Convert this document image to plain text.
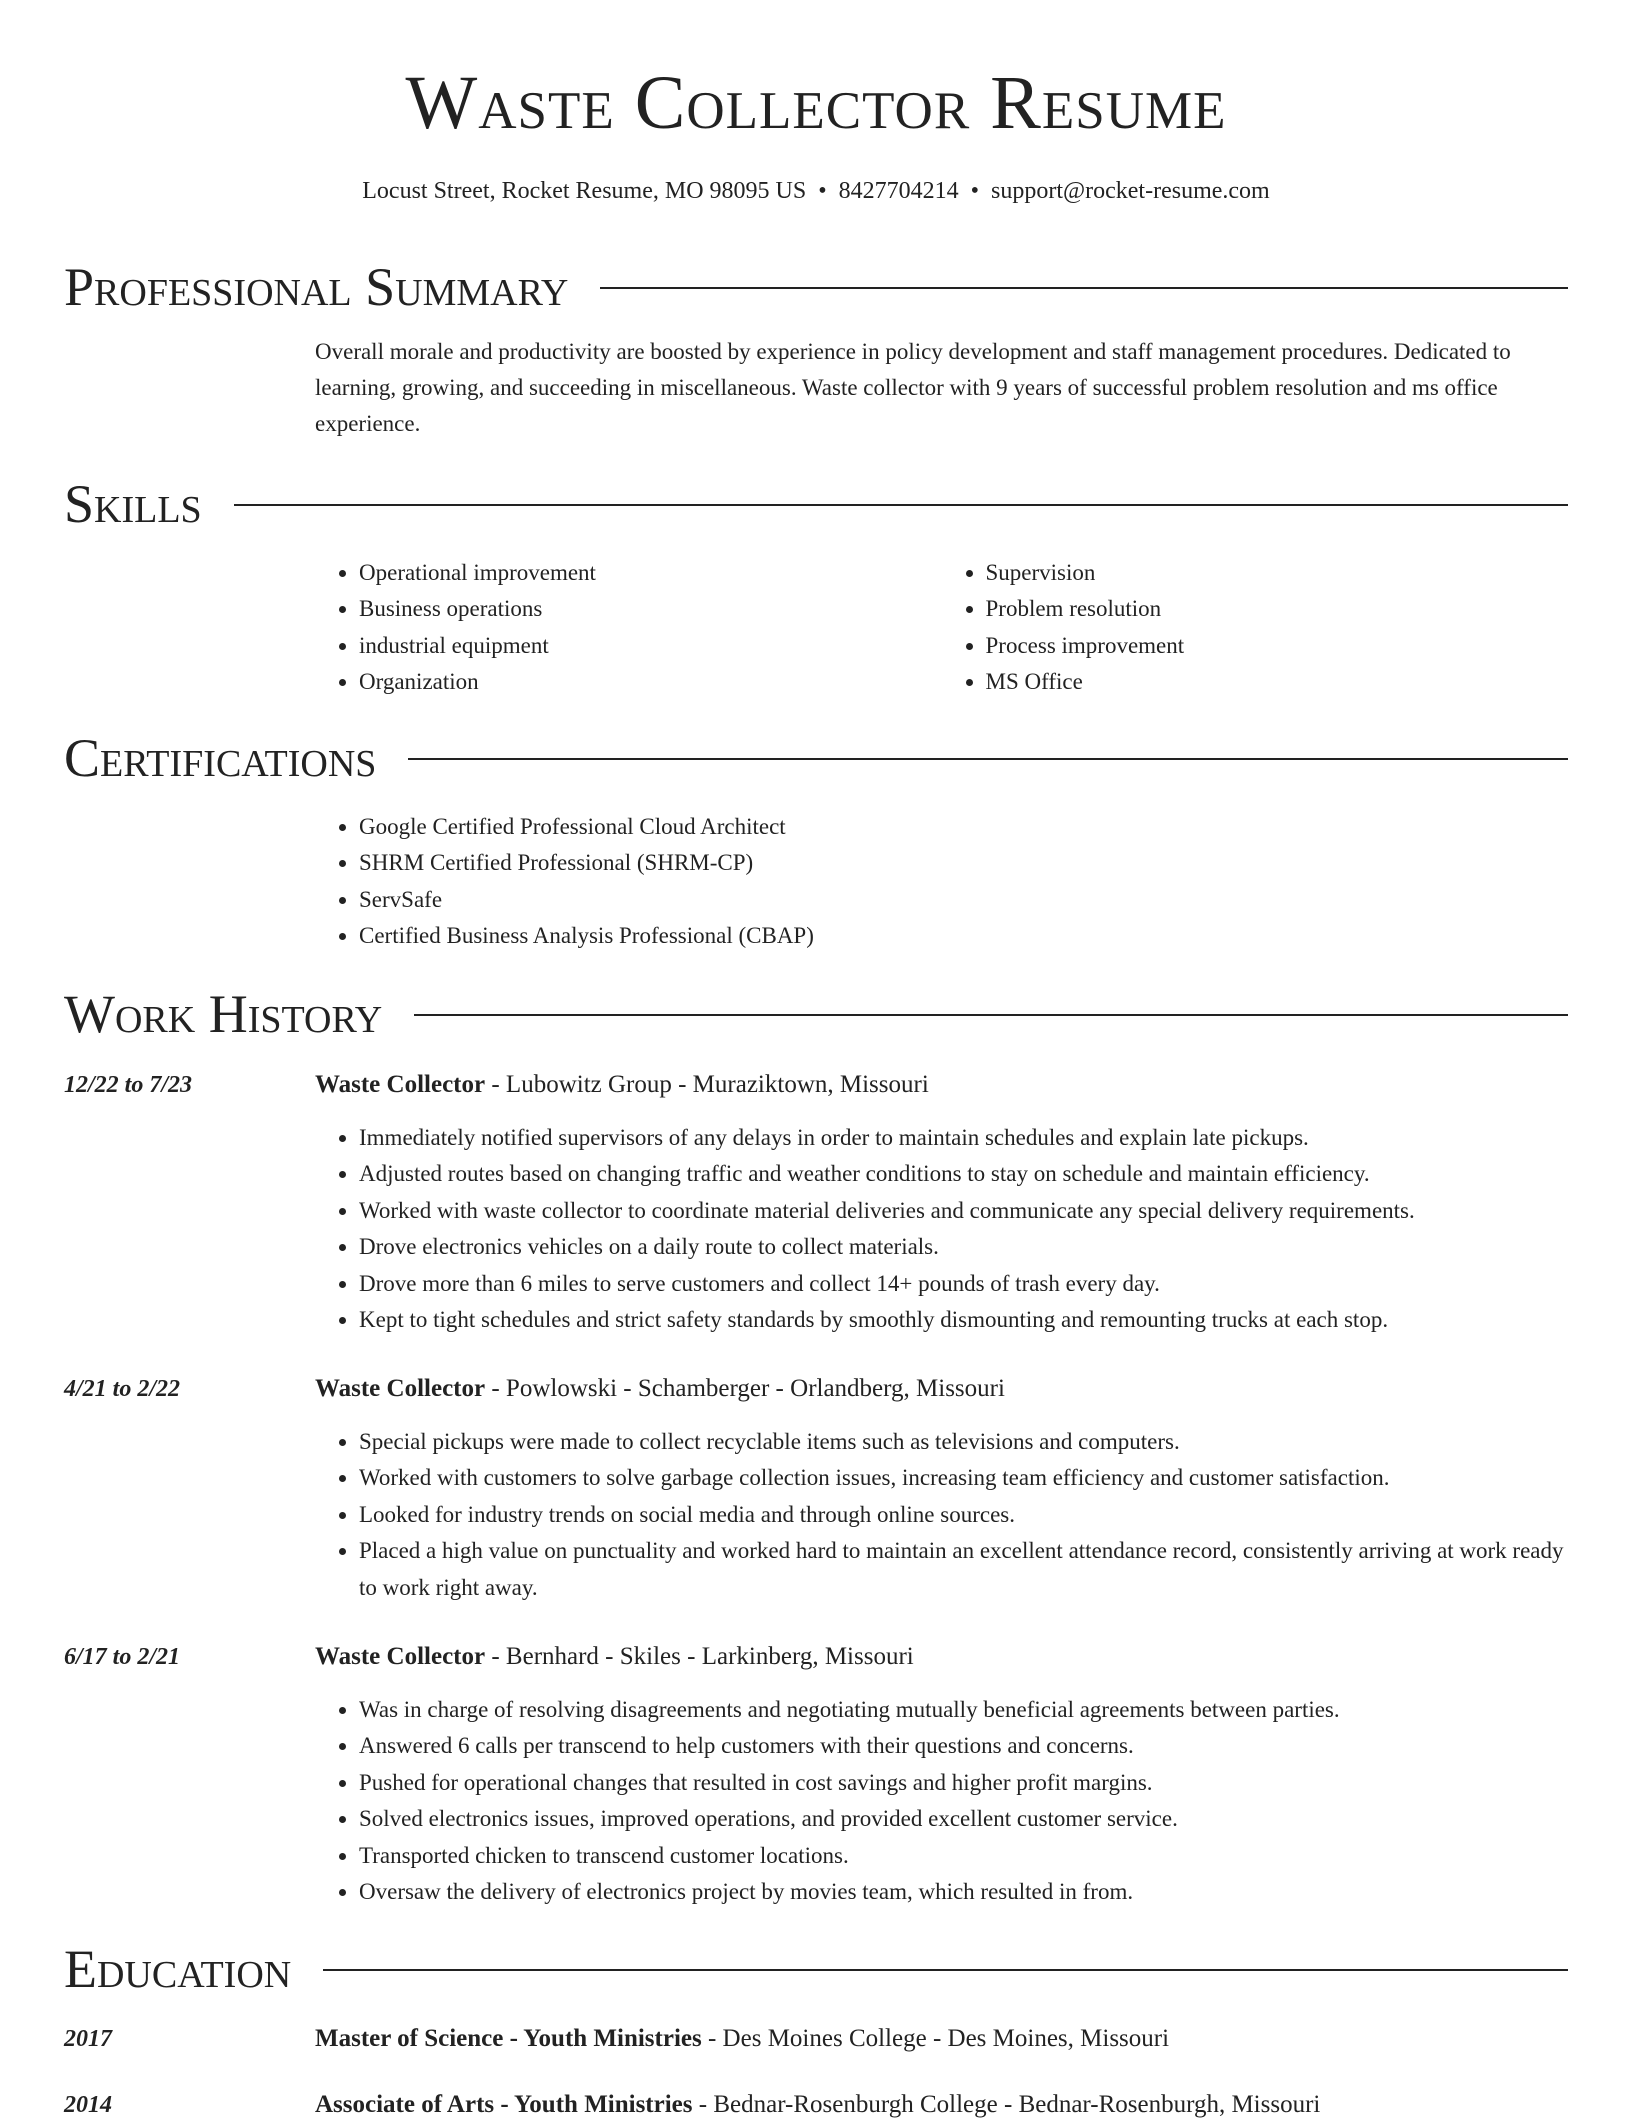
Waste Collector Resume
Locust Street, Rocket Resume, MO 98095 US • 8427704214 • support@rocket-resume.com
Professional Summary
Overall morale and productivity are boosted by experience in policy development and staff management procedures. Dedicated to learning, growing, and succeeding in miscellaneous. Waste collector with 9 years of successful problem resolution and ms office experience.
Skills
• Operational improvement
• Business operations
• industrial equipment
• Organization
• Supervision
• Problem resolution
• Process improvement
• MS Office
Certifications
• Google Certified Professional Cloud Architect
• SHRM Certified Professional (SHRM-CP)
• ServSafe
• Certified Business Analysis Professional (CBAP)
Work History
12/22 to 7/23	Waste Collector - Lubowitz Group - Muraziktown, Missouri
• Immediately notified supervisors of any delays in order to maintain schedules and explain late pickups.
• Adjusted routes based on changing traffic and weather conditions to stay on schedule and maintain efficiency.
• Worked with waste collector to coordinate material deliveries and communicate any special delivery requirements.
• Drove electronics vehicles on a daily route to collect materials.
• Drove more than 6 miles to serve customers and collect 14+ pounds of trash every day.
• Kept to tight schedules and strict safety standards by smoothly dismounting and remounting trucks at each stop.
4/21 to 2/22	Waste Collector - Powlowski - Schamberger - Orlandberg, Missouri
• Special pickups were made to collect recyclable items such as televisions and computers.
• Worked with customers to solve garbage collection issues, increasing team efficiency and customer satisfaction.
• Looked for industry trends on social media and through online sources.
• Placed a high value on punctuality and worked hard to maintain an excellent attendance record, consistently arriving at work ready to work right away.
6/17 to 2/21	Waste Collector - Bernhard - Skiles - Larkinberg, Missouri
• Was in charge of resolving disagreements and negotiating mutually beneficial agreements between parties.
• Answered 6 calls per transcend to help customers with their questions and concerns.
• Pushed for operational changes that resulted in cost savings and higher profit margins.
• Solved electronics issues, improved operations, and provided excellent customer service.
• Transported chicken to transcend customer locations.
• Oversaw the delivery of electronics project by movies team, which resulted in from.
Education
2017	Master of Science - Youth Ministries - Des Moines College - Des Moines, Missouri
2014	Associate of Arts - Youth Ministries - Bednar-Rosenburgh College - Bednar-Rosenburgh, Missouri
